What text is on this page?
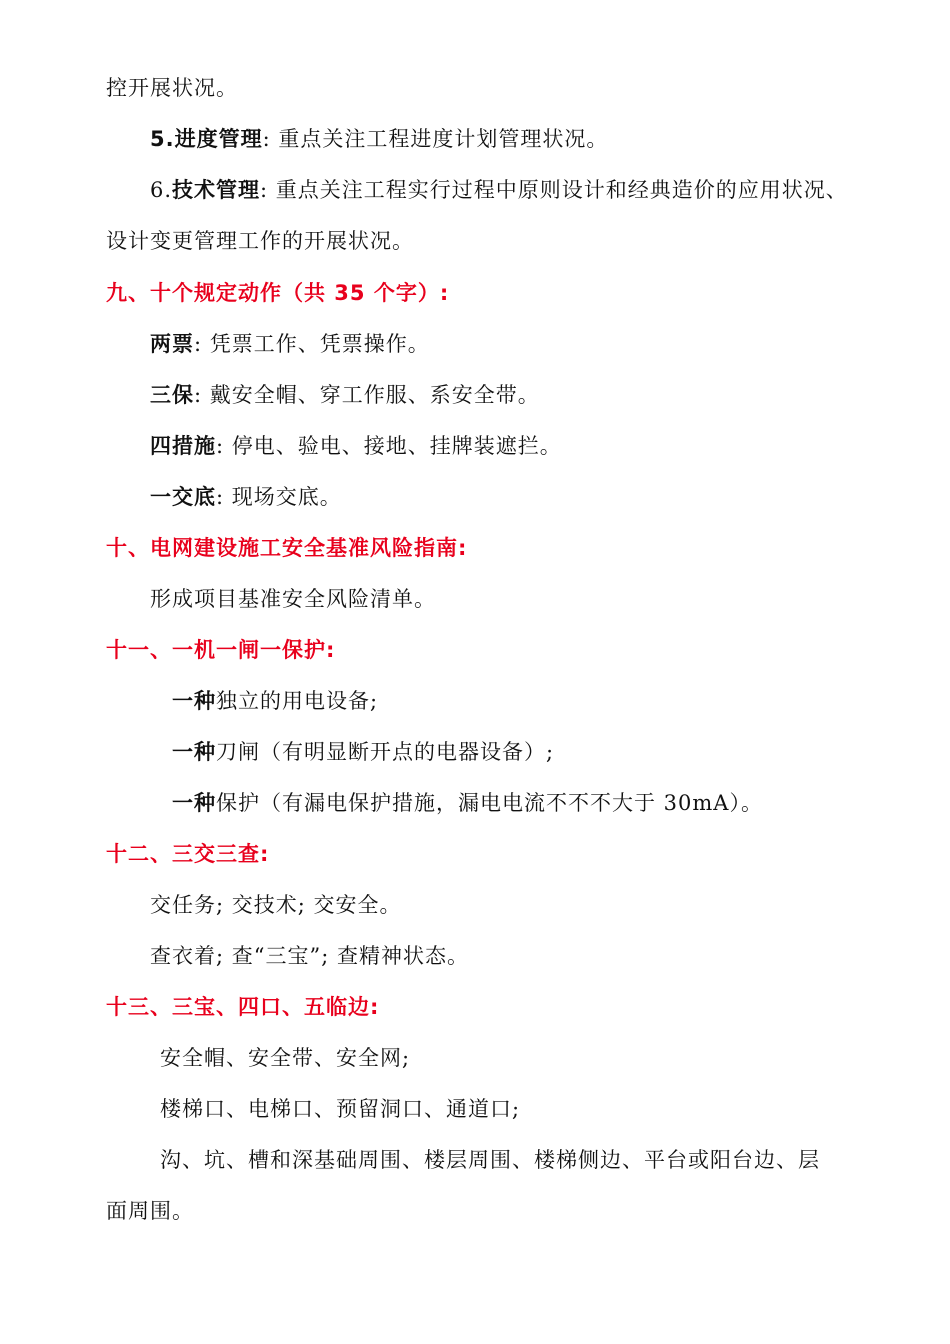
控开展状况。
5.进度管理: 重点关注工程进度计划管理状况。
6.技术管理: 重点关注工程实行过程中原则设计和经典造价的应用状况、
设计变更管理工作的开展状况。
九、十个规定动作（共 35 个字）:
两票: 凭票工作、凭票操作。
三保: 戴安全帽、穿工作服、系安全带。
四措施: 停电、验电、接地、挂牌装遮拦。
一交底: 现场交底。
十、电网建设施工安全基准风险指南:
形成项目基准安全风险清单。
十一、一机一闸一保护:
一种独立的用电设备;
一种刀闸（有明显断开点的电器设备）;
一种保护（有漏电保护措施，漏电电流不不不大于 30mA）。
十二、三交三查:
交任务; 交技术; 交安全。
查衣着; 查“三宝”; 查精神状态。
十三、三宝、四口、五临边:
安全帽、安全带、安全网;
楼梯口、电梯口、预留洞口、通道口;
沟、坑、槽和深基础周围、楼层周围、楼梯侧边、平台或阳台边、层
面周围。
